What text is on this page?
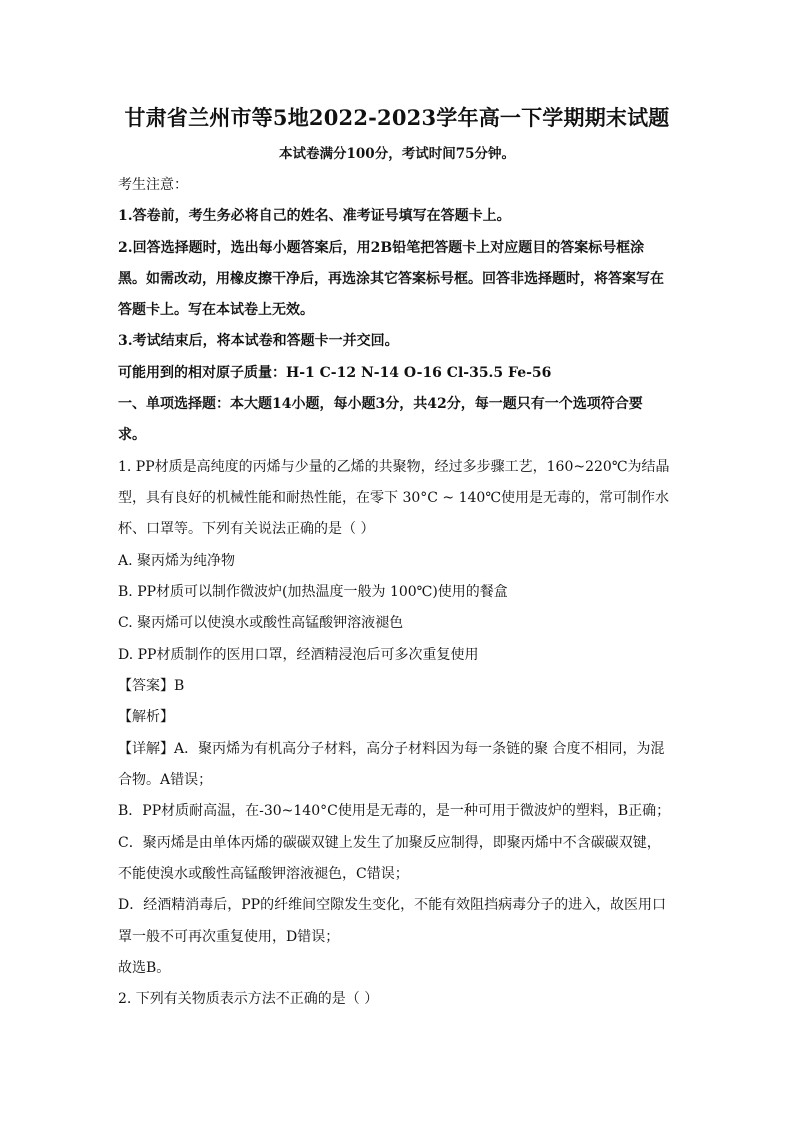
甘肃省兰州市等5地2022-2023学年高一下学期期末试题
本试卷满分100分，考试时间75分钟。
考生注意：
1.答卷前，考生务必将自己的姓名、准考证号填写在答题卡上。
2.回答选择题时，选出每小题答案后，用2B铅笔把答题卡上对应题目的答案标号框涂
黑。如需改动，用橡皮擦干净后，再选涂其它答案标号框。回答非选择题时，将答案写在
答题卡上。写在本试卷上无效。
3.考试结束后，将本试卷和答题卡一并交回。
可能用到的相对原子质量：H-1 C-12 N-14 O-16 Cl-35.5 Fe-56
一、单项选择题：本大题14小题，每小题3分，共42分，每一题只有一个选项符合要
求。
1. PP材质是高纯度的丙烯与少量的乙烯的共聚物，经过多步骤工艺，160~220℃为结晶
型，具有良好的机械性能和耐热性能，在零下 30°C ~ 140℃使用是无毒的，常可制作水
杯、口罩等。下列有关说法正确的是（ ）
A. 聚丙烯为纯净物
B. PP材质可以制作微波炉(加热温度一般为 100℃)使用的餐盒
C. 聚丙烯可以使溴水或酸性高锰酸钾溶液褪色
D. PP材质制作的医用口罩，经酒精浸泡后可多次重复使用
【答案】B
【解析】
【详解】A．聚丙烯为有机高分子材料，高分子材料因为每一条链的聚 合度不相同，为混
合物。A错误；
B．PP材质耐高温，在-30~140°C使用是无毒的，是一种可用于微波炉的塑料，B正确；
C．聚丙烯是由单体丙烯的碳碳双键上发生了加聚反应制得，即聚丙烯中不含碳碳双键，
不能使溴水或酸性高锰酸钾溶液褪色，C错误；
D．经酒精消毒后，PP的纤维间空隙发生变化，不能有效阻挡病毒分子的进入，故医用口
罩一般不可再次重复使用，D错误；
故选B。
2. 下列有关物质表示方法不正确的是（ ）
